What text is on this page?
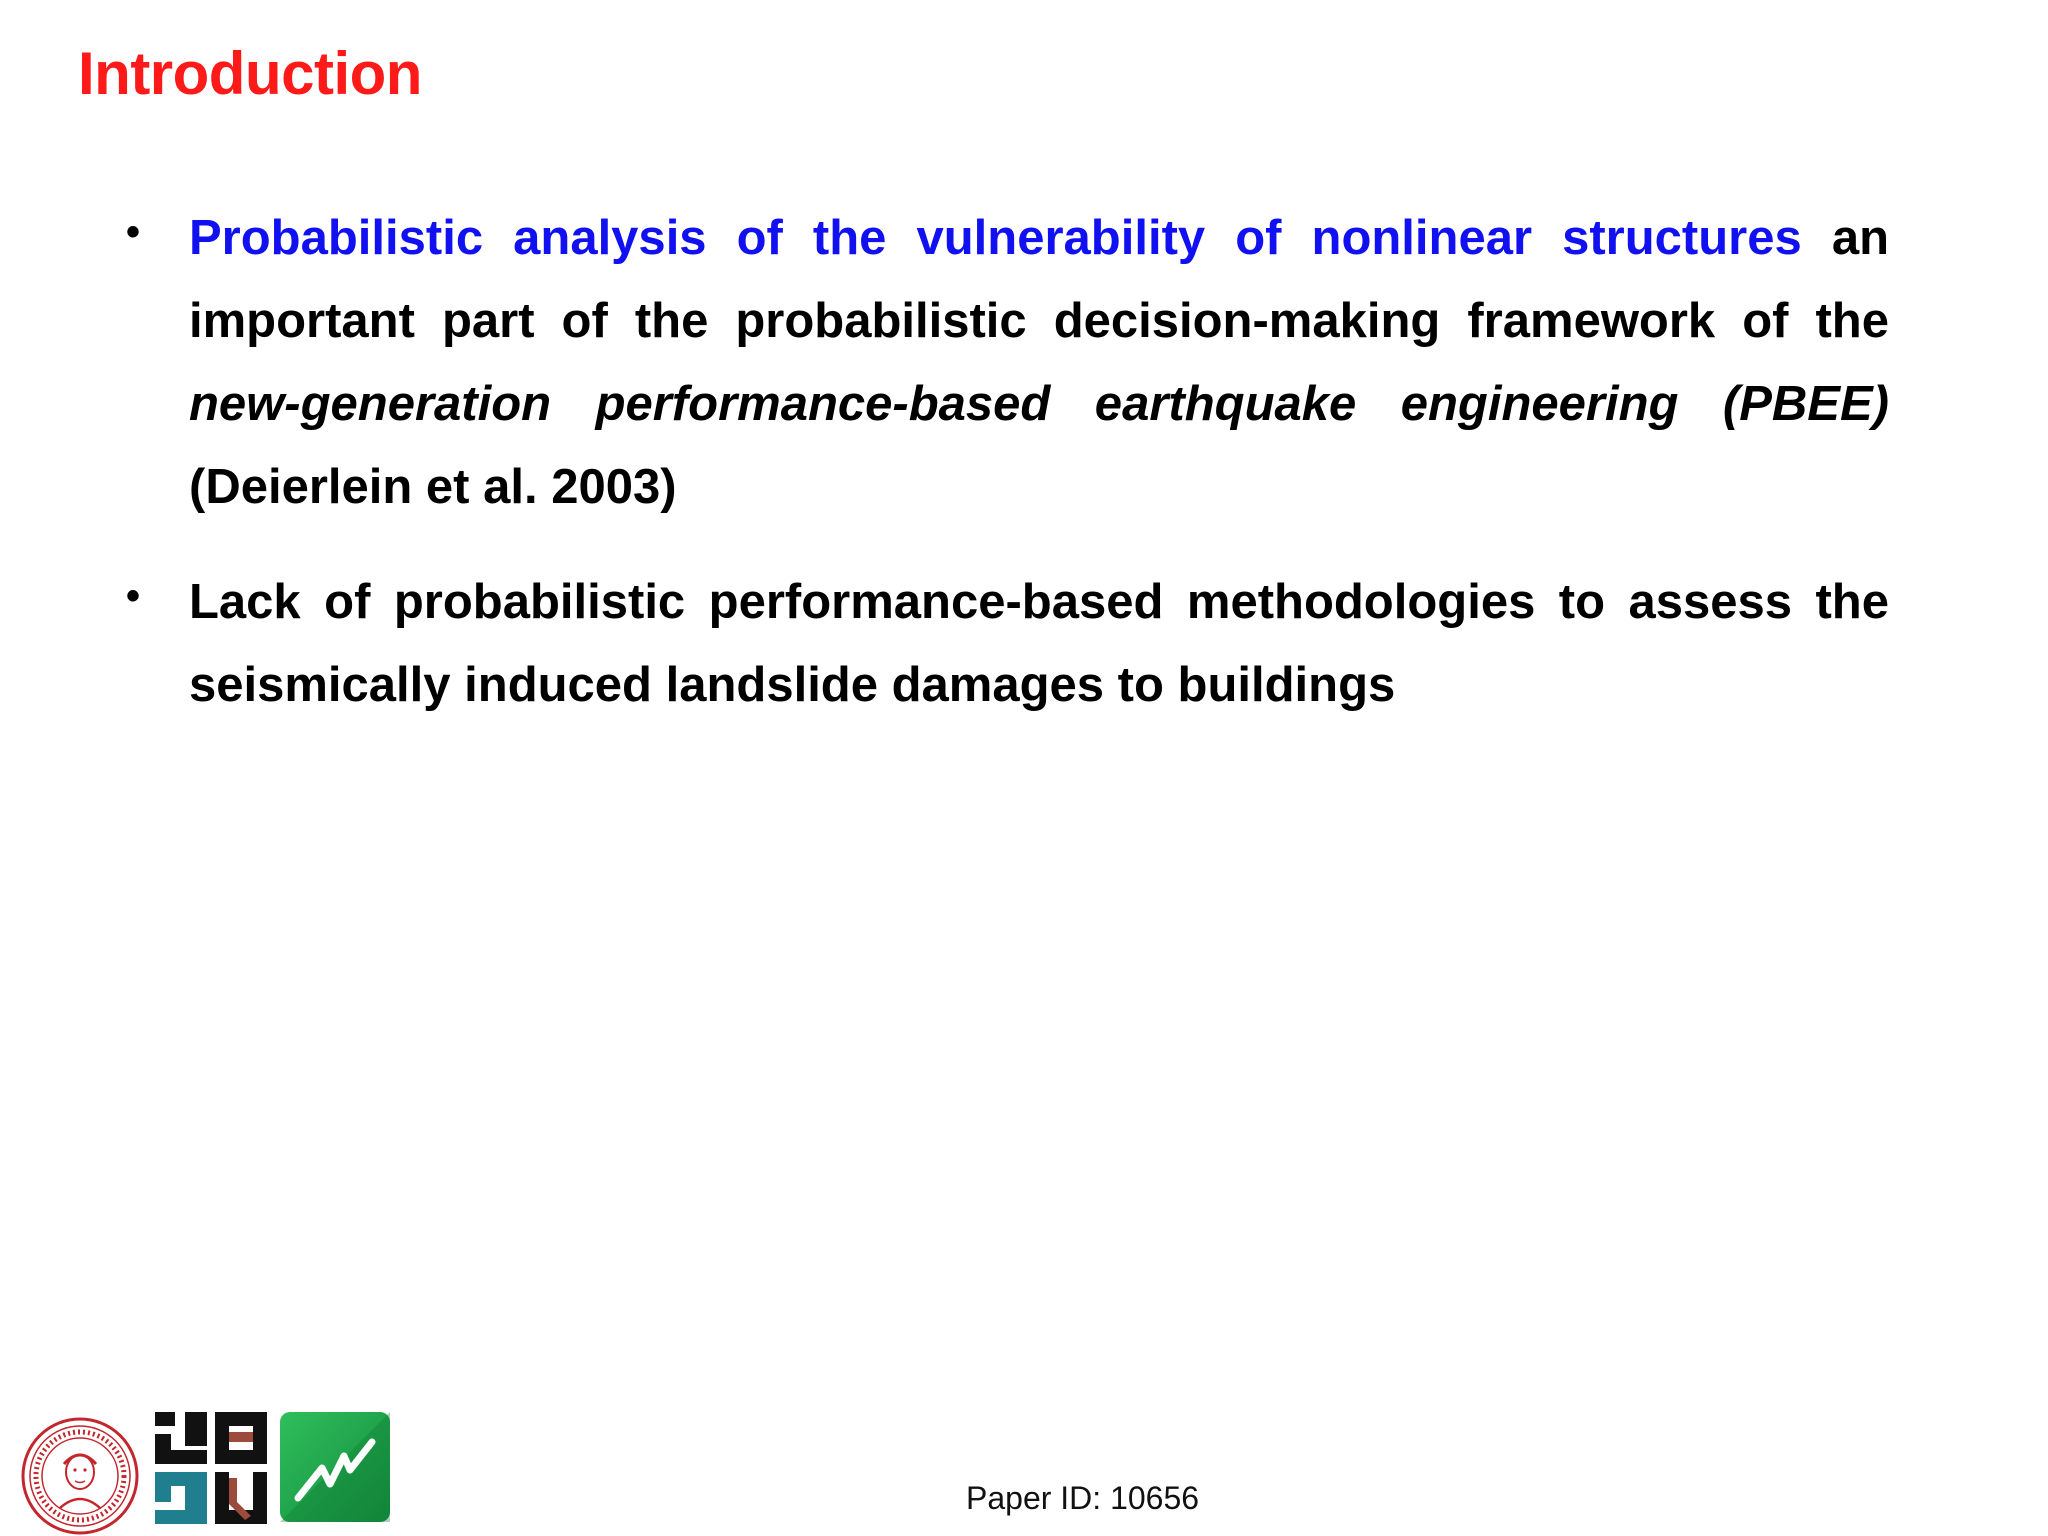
Introduction
• Probabilistic analysis of the vulnerability of nonlinear structures an important part of the probabilistic decision-making framework of the new-generation performance-based earthquake engineering (PBEE) (Deierlein et al. 2003)
• Lack of probabilistic performance-based methodologies to assess the seismically induced landslide damages to buildings
Paper ID: 10656
